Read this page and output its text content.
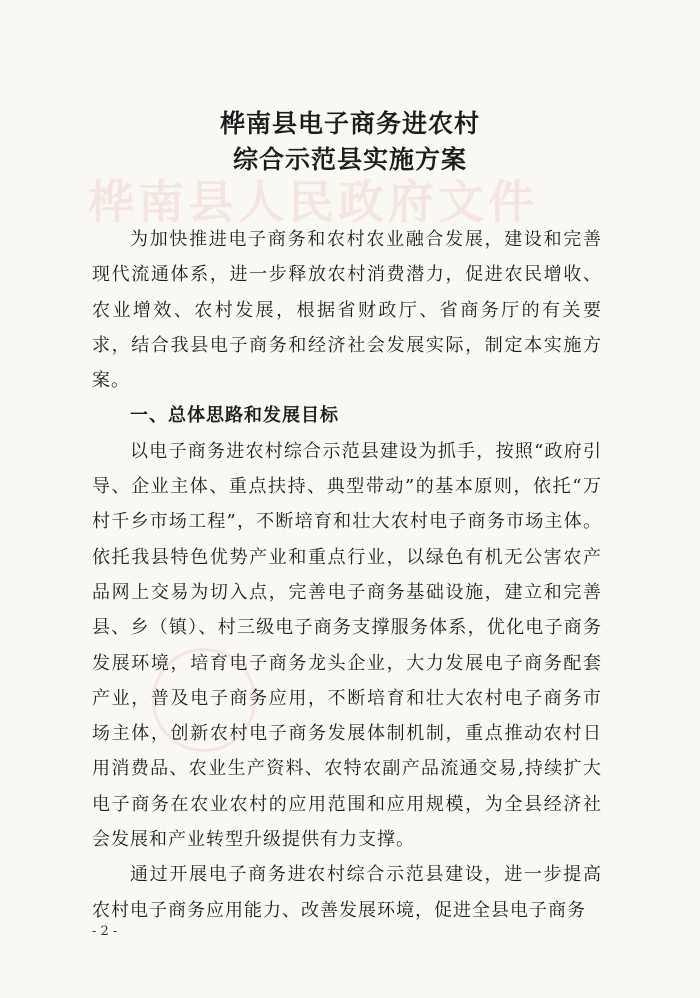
桦南县人民政府文件
桦南县电子商务进农村
综合示范县实施方案

为加快推进电子商务和农村农业融合发展，建设和完善现代流通体系，进一步释放农村消费潜力，促进农民增收、农业增效、农村发展，根据省财政厅、省商务厅的有关要求，结合我县电子商务和经济社会发展实际，制定本实施方案。

一、总体思路和发展目标

以电子商务进农村综合示范县建设为抓手，按照“政府引导、企业主体、重点扶持、典型带动”的基本原则，依托“万村千乡市场工程”，不断培育和壮大农村电子商务市场主体。依托我县特色优势产业和重点行业，以绿色有机无公害农产品网上交易为切入点，完善电子商务基础设施，建立和完善县、乡（镇）、村三级电子商务支撑服务体系，优化电子商务发展环境，培育电子商务龙头企业，大力发展电子商务配套产业，普及电子商务应用，不断培育和壮大农村电子商务市场主体，创新农村电子商务发展体制机制，重点推动农村日用消费品、农业生产资料、农特农副产品流通交易,持续扩大电子商务在农业农村的应用范围和应用规模，为全县经济社会发展和产业转型升级提供有力支撑。

通过开展电子商务进农村综合示范县建设，进一步提高农村电子商务应用能力、改善发展环境，促进全县电子商务

- 2 -
